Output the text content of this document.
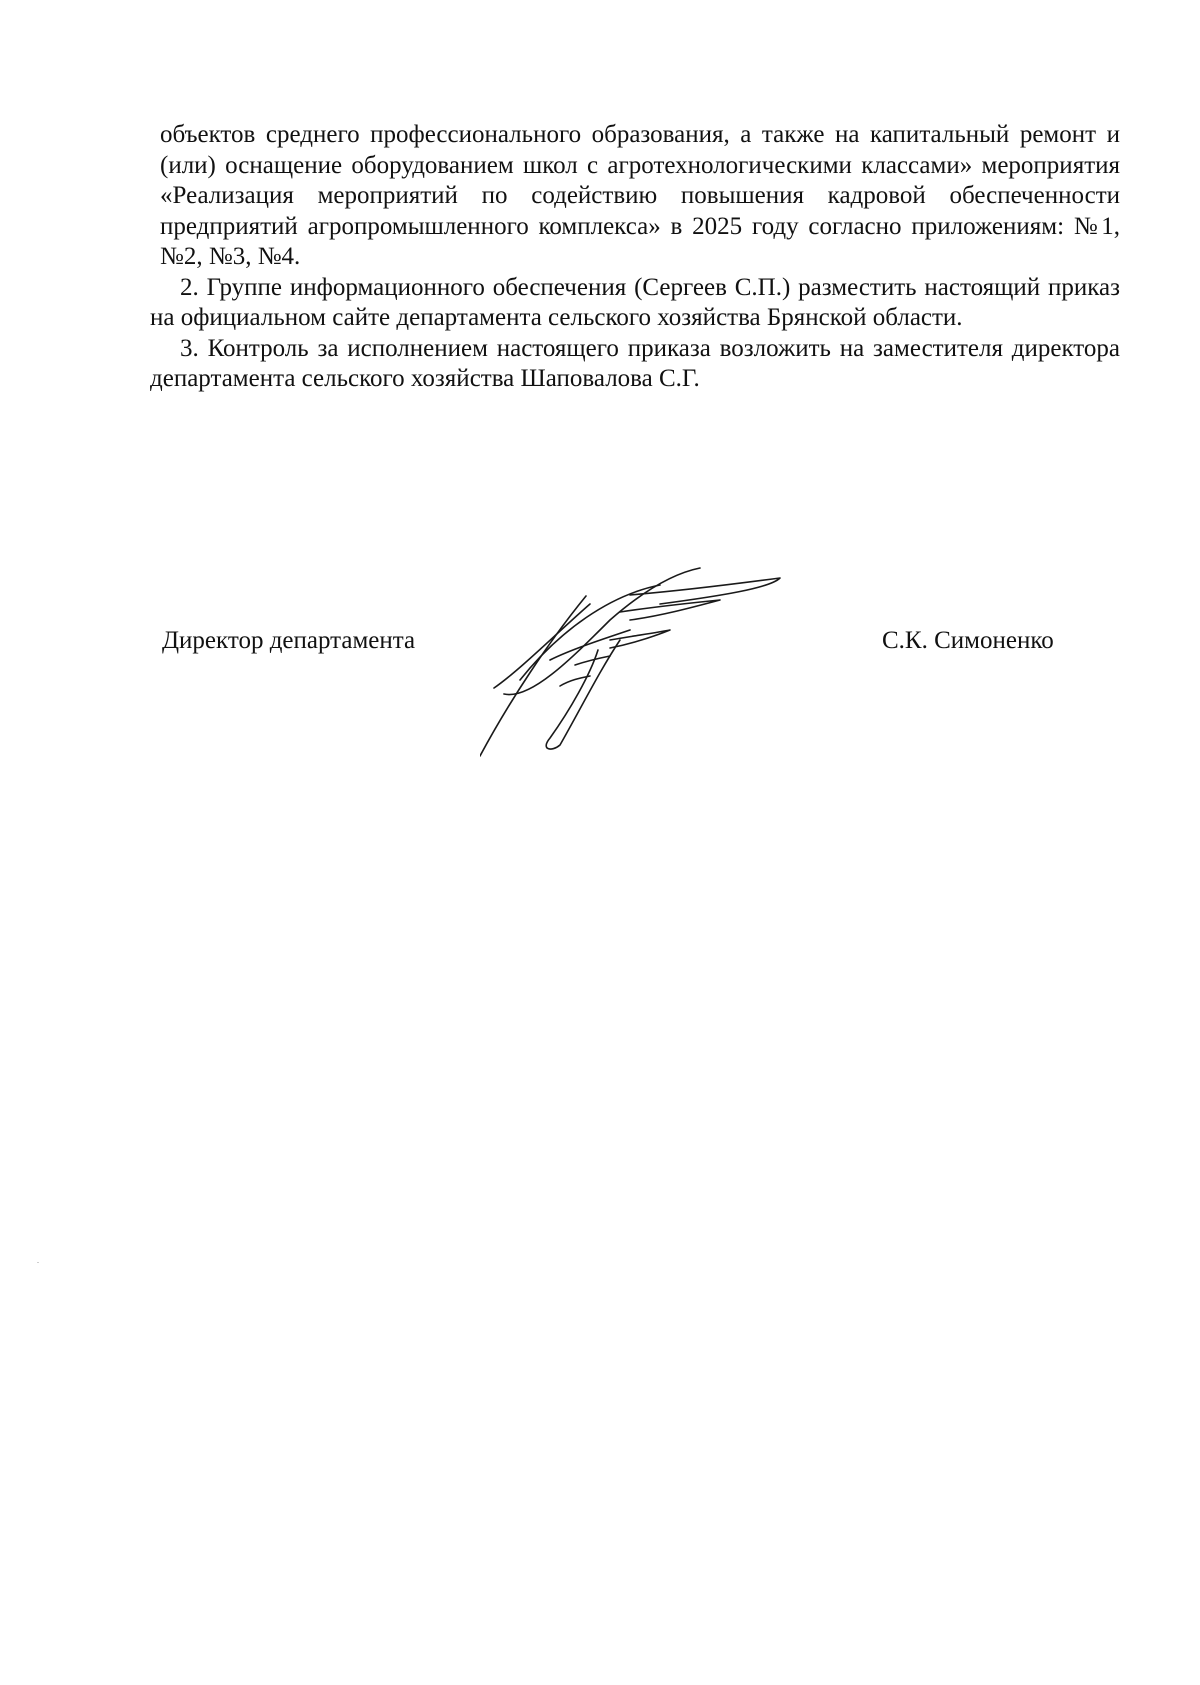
объектов среднего профессионального образования, а также на капитальный ремонт и (или) оснащение оборудованием школ с агротехнологическими классами» мероприятия «Реализация мероприятий по содействию повышения кадровой обеспеченности предприятий агропромышленного комплекса» в 2025 году согласно приложениям: №1, №2, №3, №4.

2. Группе информационного обеспечения (Сергеев С.П.) разместить настоящий приказ на официальном сайте департамента сельского хозяйства Брянской области.

3. Контроль за исполнением настоящего приказа возложить на заместителя директора департамента сельского хозяйства Шаповалова С.Г.

Директор департамента	С.К. Симоненко
